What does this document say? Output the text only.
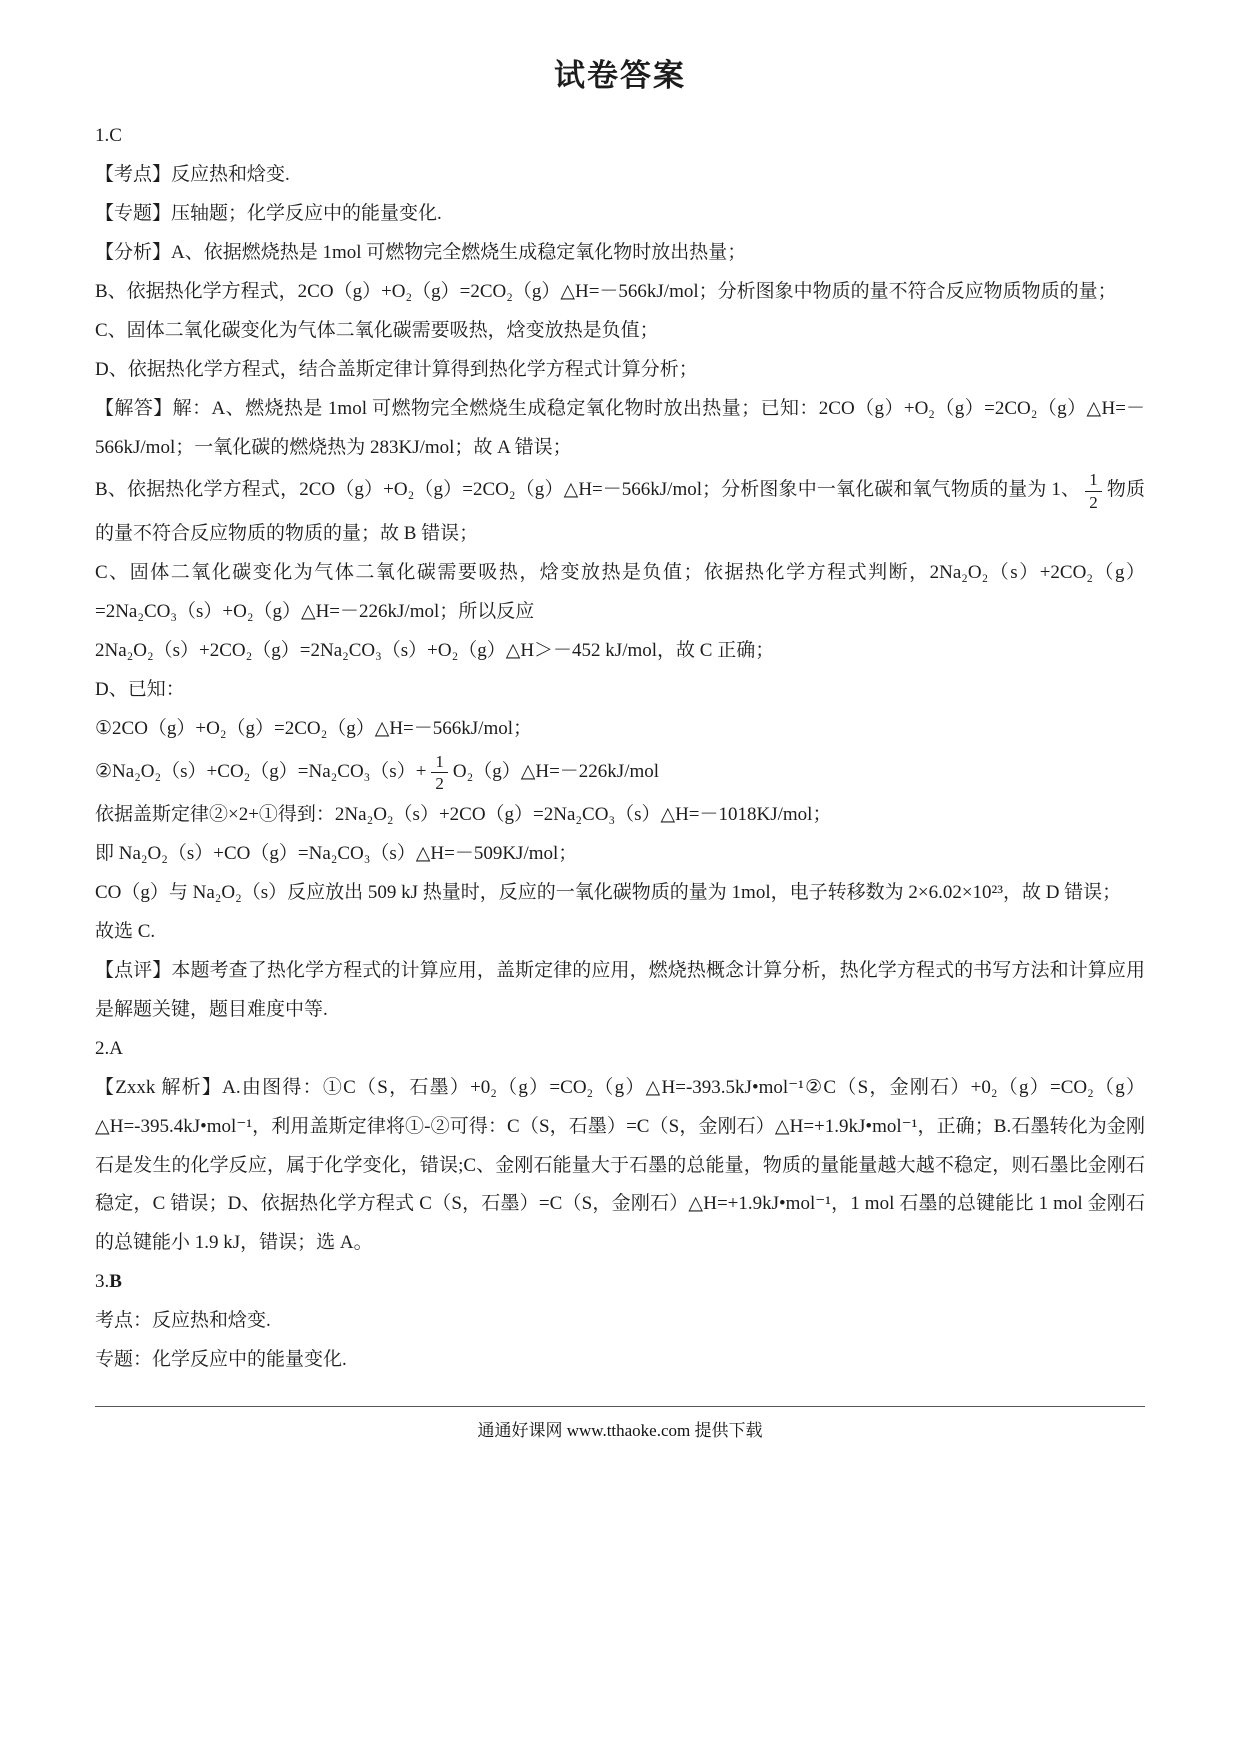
试卷答案

1.C

【考点】反应热和焓变.

【专题】压轴题；化学反应中的能量变化.

【分析】A、依据燃烧热是 1mol 可燃物完全燃烧生成稳定氧化物时放出热量；

B、依据热化学方程式，2CO（g）+O₂（g）=2CO₂（g）△H=－566kJ/mol；分析图象中物质的量不符合反应物质物质的量；

C、固体二氧化碳变化为气体二氧化碳需要吸热，焓变放热是负值；

D、依据热化学方程式，结合盖斯定律计算得到热化学方程式计算分析；

【解答】解：A、燃烧热是 1mol 可燃物完全燃烧生成稳定氧化物时放出热量；已知：2CO（g）+O₂（g）=2CO₂（g）△H=－566kJ/mol；一氧化碳的燃烧热为 283KJ/mol；故 A 错误；

B、依据热化学方程式，2CO（g）+O₂（g）=2CO₂（g）△H=－566kJ/mol；分析图象中一氧化碳和氧气物质的量为 1、 $\frac{1}{2}$ 物质的量不符合反应物质的物质的量；故 B 错误；

C、固体二氧化碳变化为气体二氧化碳需要吸热，焓变放热是负值；依据热化学方程式判断，2Na₂O₂（s）+2CO₂（g）=2Na₂CO₃（s）+O₂（g）△H=－226kJ/mol；所以反应

2Na₂O₂（s）+2CO₂（g）=2Na₂CO₃（s）+O₂（g）△H＞－452 kJ/mol，故 C 正确；

D、已知：

①2CO（g）+O₂（g）=2CO₂（g）△H=－566kJ/mol；

②Na₂O₂（s）+CO₂（g）=Na₂CO₃（s）+ $\frac{1}{2}$ O₂（g）△H=－226kJ/mol

依据盖斯定律②×2+①得到：2Na₂O₂（s）+2CO（g）=2Na₂CO₃（s）△H=－1018KJ/mol；

即 Na₂O₂（s）+CO（g）=Na₂CO₃（s）△H=－509KJ/mol；

CO（g）与 Na₂O₂（s）反应放出 509 kJ 热量时，反应的一氧化碳物质的量为 1mol，电子转移数为 2×6.02×10²³，故 D 错误；

故选 C.

【点评】本题考查了热化学方程式的计算应用，盖斯定律的应用，燃烧热概念计算分析，热化学方程式的书写方法和计算应用是解题关键，题目难度中等.

2.A

【Zxxk 解析】A.由图得：①C（S，石墨）+0₂（g）=CO₂（g）△H=-393.5kJ•mol⁻¹②C（S，金刚石）+0₂（g）=CO₂（g）△H=-395.4kJ•mol⁻¹，利用盖斯定律将①-②可得：C（S，石墨）=C（S，金刚石）△H=+1.9kJ•mol⁻¹，正确；B.石墨转化为金刚石是发生的化学反应，属于化学变化，错误;C、金刚石能量大于石墨的总能量，物质的量能量越大越不稳定，则石墨比金刚石稳定，C 错误；D、依据热化学方程式 C（S，石墨）=C（S，金刚石）△H=+1.9kJ•mol⁻¹，1 mol 石墨的总键能比 1 mol 金刚石的总键能小 1.9 kJ，错误；选 A。

3.B

考点：反应热和焓变.

专题：化学反应中的能量变化.

通通好课网 www.tthaoke.com 提供下载
